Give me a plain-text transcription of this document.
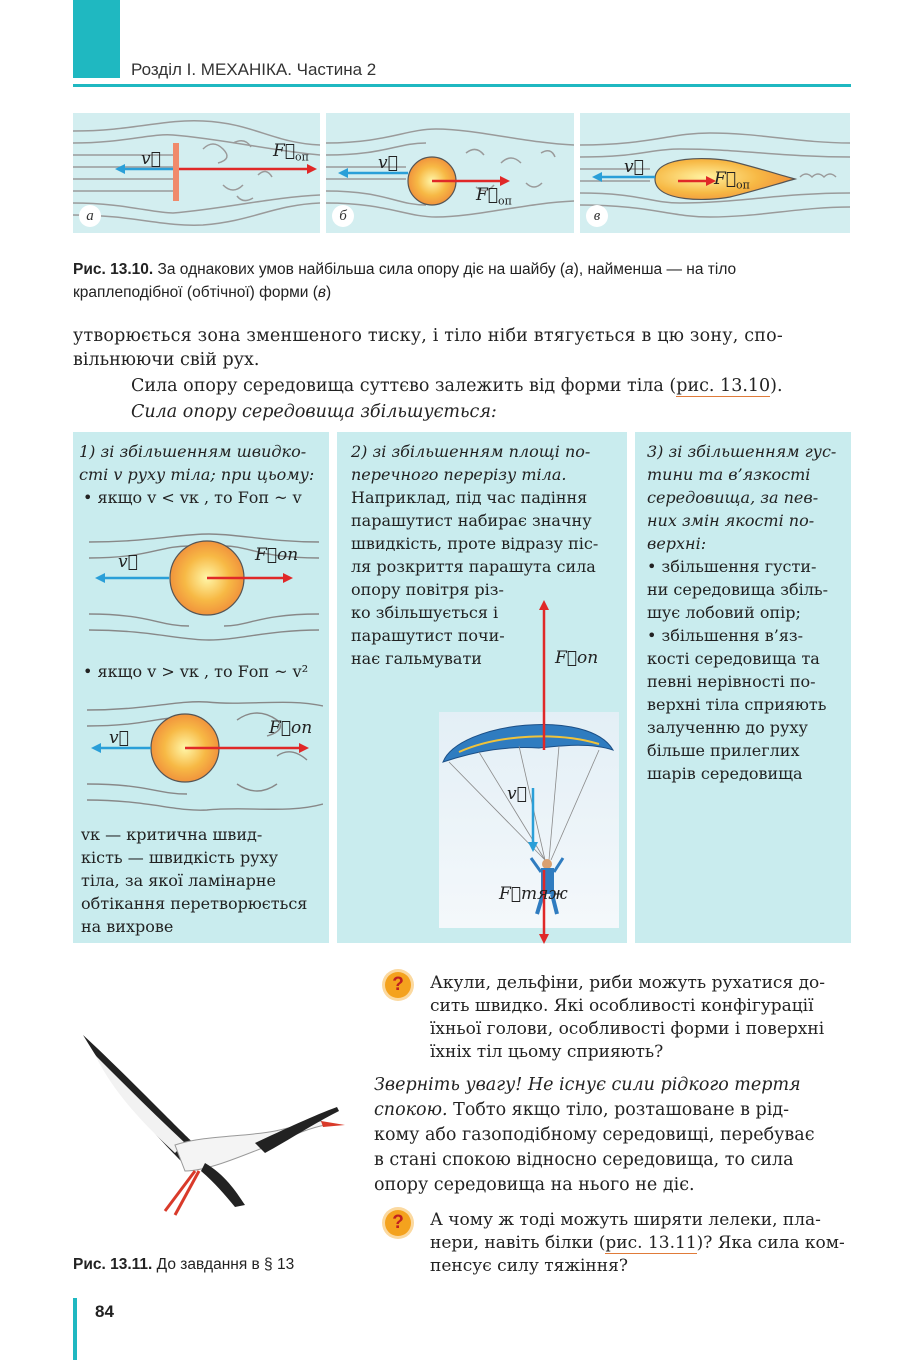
Розділ І. МЕХАНІКА. Частина 2
v⃗	$F⃗_{оп}$
а
v⃗
$F⃗_{оп}$
б
v⃗
$F⃗_{оп}$
в
Рис. 13.10. За однакових умов найбільша сила опору діє на шайбу (а), найменша — на тіло
краплеподібної (обтічної) форми (в)
утворюється зона зменшеного тиску, і тіло ніби втягується в цю зону, спо-
вільнюючи свій рух.
Сила опору середовища суттєво залежить від форми тіла (рис. 13.10).
Сила опору середовища збільшується:
1) зі збільшенням швидко-
сті v руху тіла; при цьому:
• якщо v < vк , то Fоп ~ v
v⃗	F⃗оп
• якщо v > vк , то Fоп ~ v²
v⃗	F⃗оп
vк — критична швид-
кість — швидкість руху
тіла, за якої ламінарне
обтікання перетворюється
на вихрове
2) зі збільшенням площі по-
перечного перерізу тіла.
Наприклад, під час падіння
парашутист набирає значну
швидкість, проте відразу піс-
ля розкриття парашута сила
опору повітря різ-
ко збільшується і
парашутист почи-
нає гальмувати	F⃗оп
v⃗
F⃗тяж
3) зі збільшенням гус-
тини та в’язкості
середовища, за пев-
них змін якості по-
верхні:
• збільшення густи-
ни середовища збіль-
шує лобовий опір;
• збільшення в’яз-
кості середовища та
певні нерівності по-
верхні тіла сприяють
залученню до руху
більше прилеглих
шарів середовища
?	Акули, дельфіни, риби можуть рухатися до-
сить швидко. Які особливості конфігурації
їхньої голови, особливості форми і поверхні
їхніх тіл цьому сприяють?
Зверніть увагу! Не існує сили рідкого тертя
спокою. Тобто якщо тіло, розташоване в рід-
кому або газоподібному середовищі, перебуває
в стані спокою відносно середовища, то сила
опору середовища на нього не діє.
?	А чому ж тоді можуть ширяти лелеки, пла-
нери, навіть білки (рис. 13.11)? Яка сила ком-
пенсує силу тяжіння?
Рис. 13.11. До завдання в § 13
84
